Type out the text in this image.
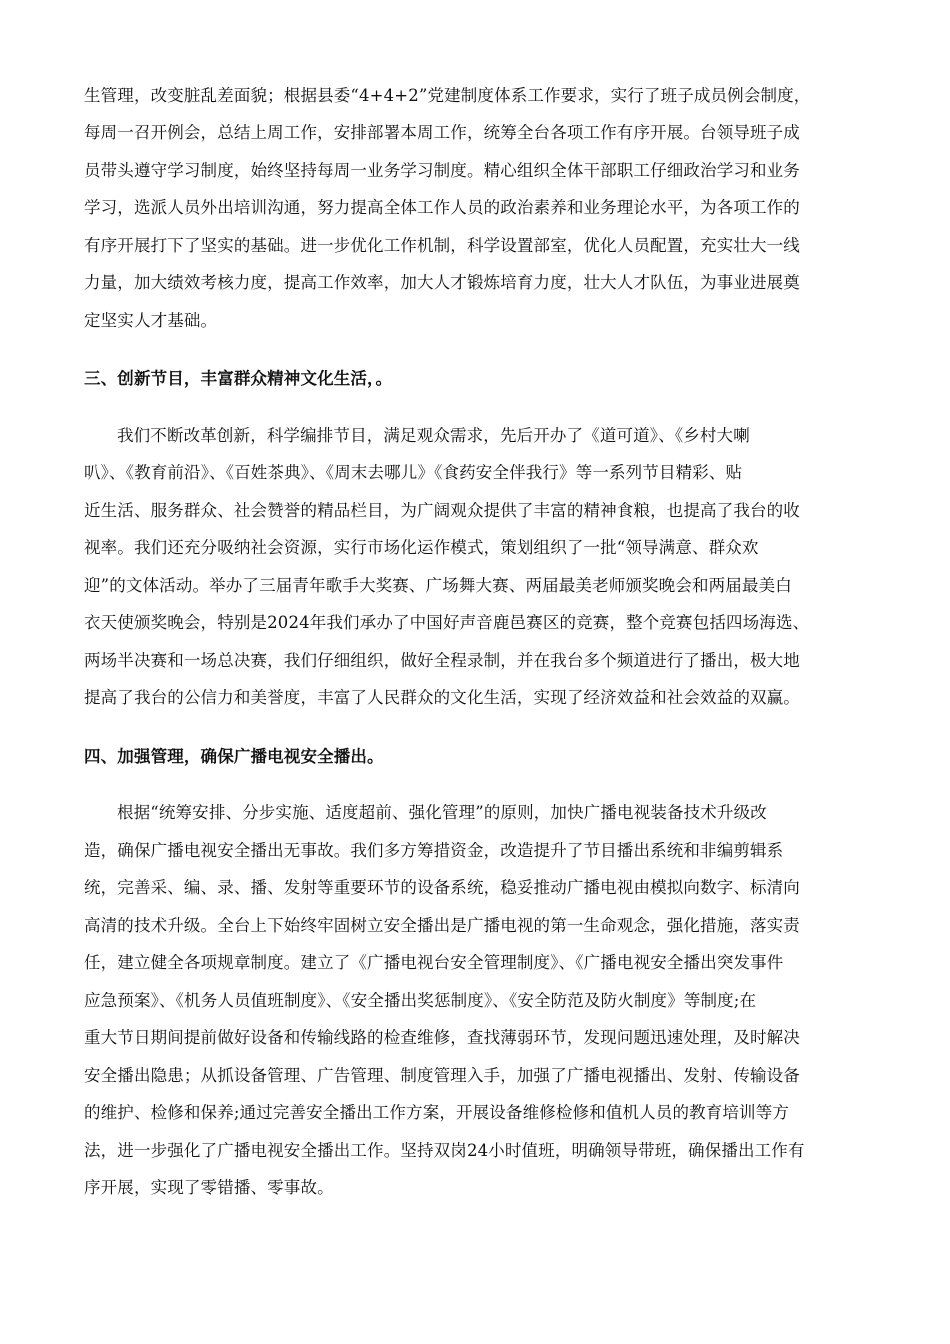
生管理，改变脏乱差面貌；根据县委“4+4+2”党建制度体系工作要求，实行了班子成员例会制度，

每周一召开例会，总结上周工作，安排部署本周工作，统筹全台各项工作有序开展。台领导班子成

员带头遵守学习制度，始终坚持每周一业务学习制度。精心组织全体干部职工仔细政治学习和业务

学习，选派人员外出培训沟通，努力提高全体工作人员的政治素养和业务理论水平，为各项工作的

有序开展打下了坚实的基础。进一步优化工作机制，科学设置部室，优化人员配置，充实壮大一线

力量，加大绩效考核力度，提高工作效率，加大人才锻炼培育力度，壮大人才队伍，为事业进展奠

定坚实人才基础。

三、创新节目，丰富群众精神文化生活，。

我们不断改革创新，科学编排节目，满足观众需求，先后开办了《道可道》、《乡村大喇

叭》、《教育前沿》、《百姓茶典》、《周末去哪儿》《食药安全伴我行》等一系列节目精彩、贴

近生活、服务群众、社会赞誉的精品栏目，为广阔观众提供了丰富的精神食粮，也提高了我台的收

视率。我们还充分吸纳社会资源，实行市场化运作模式，策划组织了一批“领导满意、群众欢

迎”的文体活动。举办了三届青年歌手大奖赛、广场舞大赛、两届最美老师颁奖晚会和两届最美白

衣天使颁奖晚会，特别是2024年我们承办了中国好声音鹿邑赛区的竞赛，整个竞赛包括四场海选、

两场半决赛和一场总决赛，我们仔细组织，做好全程录制，并在我台多个频道进行了播出，极大地

提高了我台的公信力和美誉度，丰富了人民群众的文化生活，实现了经济效益和社会效益的双赢。

四、加强管理，确保广播电视安全播出。

根据“统筹安排、分步实施、适度超前、强化管理”的原则，加快广播电视装备技术升级改

造，确保广播电视安全播出无事故。我们多方筹措资金，改造提升了节目播出系统和非编剪辑系

统，完善采、编、录、播、发射等重要环节的设备系统，稳妥推动广播电视由模拟向数字、标清向

高清的技术升级。全台上下始终牢固树立安全播出是广播电视的第一生命观念，强化措施，落实责

任，建立健全各项规章制度。建立了《广播电视台安全管理制度》、《广播电视安全播出突发事件

应急预案》、《机务人员值班制度》、《安全播出奖惩制度》、《安全防范及防火制度》等制度;在

重大节日期间提前做好设备和传输线路的检查维修，查找薄弱环节，发现问题迅速处理，及时解决

安全播出隐患；从抓设备管理、广告管理、制度管理入手，加强了广播电视播出、发射、传输设备

的维护、检修和保养;通过完善安全播出工作方案，开展设备维修检修和值机人员的教育培训等方

法，进一步强化了广播电视安全播出工作。坚持双岗24小时值班，明确领导带班，确保播出工作有

序开展，实现了零错播、零事故。
